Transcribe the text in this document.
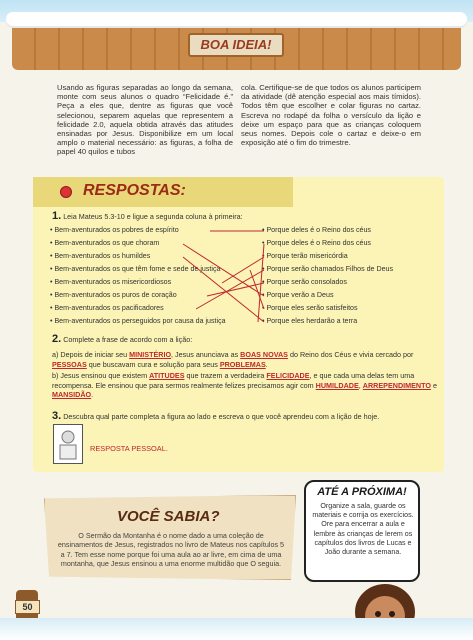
BOA IDEIA!
Usando as figuras separadas ao longo da semana, monte com seus alunos o quadro “Felicidade é.” Peça a eles que, dentre as figuras que você selecionou, separem aquelas que representem a felicidade 2.0, aquela obtida através das atitudes ensinadas por Jesus. Disponibilize em um local amplo o material necessário: as figuras, a folha de papel 40 quilos e tubos
cola. Certifique-se de que todos os alunos participem da atividade (dê atenção especial aos mais tímidos). Todos têm que escolher e colar figuras no cartaz. Escreva no rodapé da folha o versículo da lição e deixe um espaço para que as crianças coloquem seus nomes. Depois cole o cartaz e deixe-o em exposição até o fim do trimestre.
RESPOSTAS:
1. Leia Mateus 5.3-10 e ligue a segunda coluna à primeira:
• Bem-aventurados os pobres de espírito
• Bem-aventurados os que choram
• Bem-aventurados os humildes
• Bem-aventurados os que têm fome e sede de justiça
• Bem-aventurados os misericordiosos
• Bem-aventurados os puros de coração
• Bem-aventurados os pacificadores
• Bem-aventurados os perseguidos por causa da justiça
• Porque deles é o Reino dos céus
• Porque deles é o Reino dos céus
• Porque terão misericórdia
• Porque serão chamados Filhos de Deus
• Porque serão consolados
• Porque verão a Deus
• Porque eles serão satisfeitos
• Porque eles herdarão a terra
2. Complete a frase de acordo com a lição:
a) Depois de iniciar seu MINISTÉRIO, Jesus anunciava as BOAS NOVAS do Reino dos Céus e vivia cercado por PESSOAS que buscavam cura e solução para seus PROBLEMAS.
b) Jesus ensinou que existem ATITUDES que trazem a verdadeira FELICIDADE, e que cada uma delas tem uma recompensa. Ele ensinou que para sermos realmente felizes precisamos agir com HUMILDADE, ARREPENDIMENTO e MANSIDÃO.
3. Descubra qual parte completa a figura ao lado e escreva o que você aprendeu com a lição de hoje.
RESPOSTA PESSOAL.
VOCÊ SABIA?
O Sermão da Montanha é o nome dado a uma coleção de ensinamentos de Jesus, registrados no livro de Mateus nos capítulos 5 a 7. Tem esse nome porque foi uma aula ao ar livre, em cima de uma montanha, que Jesus ensinou a uma enorme multidão que O seguia.
ATÉ A PRÓXIMA!
Organize a sala, guarde os materiais e corrija os exercícios. Ore para encerrar a aula e lembre às crianças de lerem os capítulos dos livros de Lucas e João durante a semana.
50
